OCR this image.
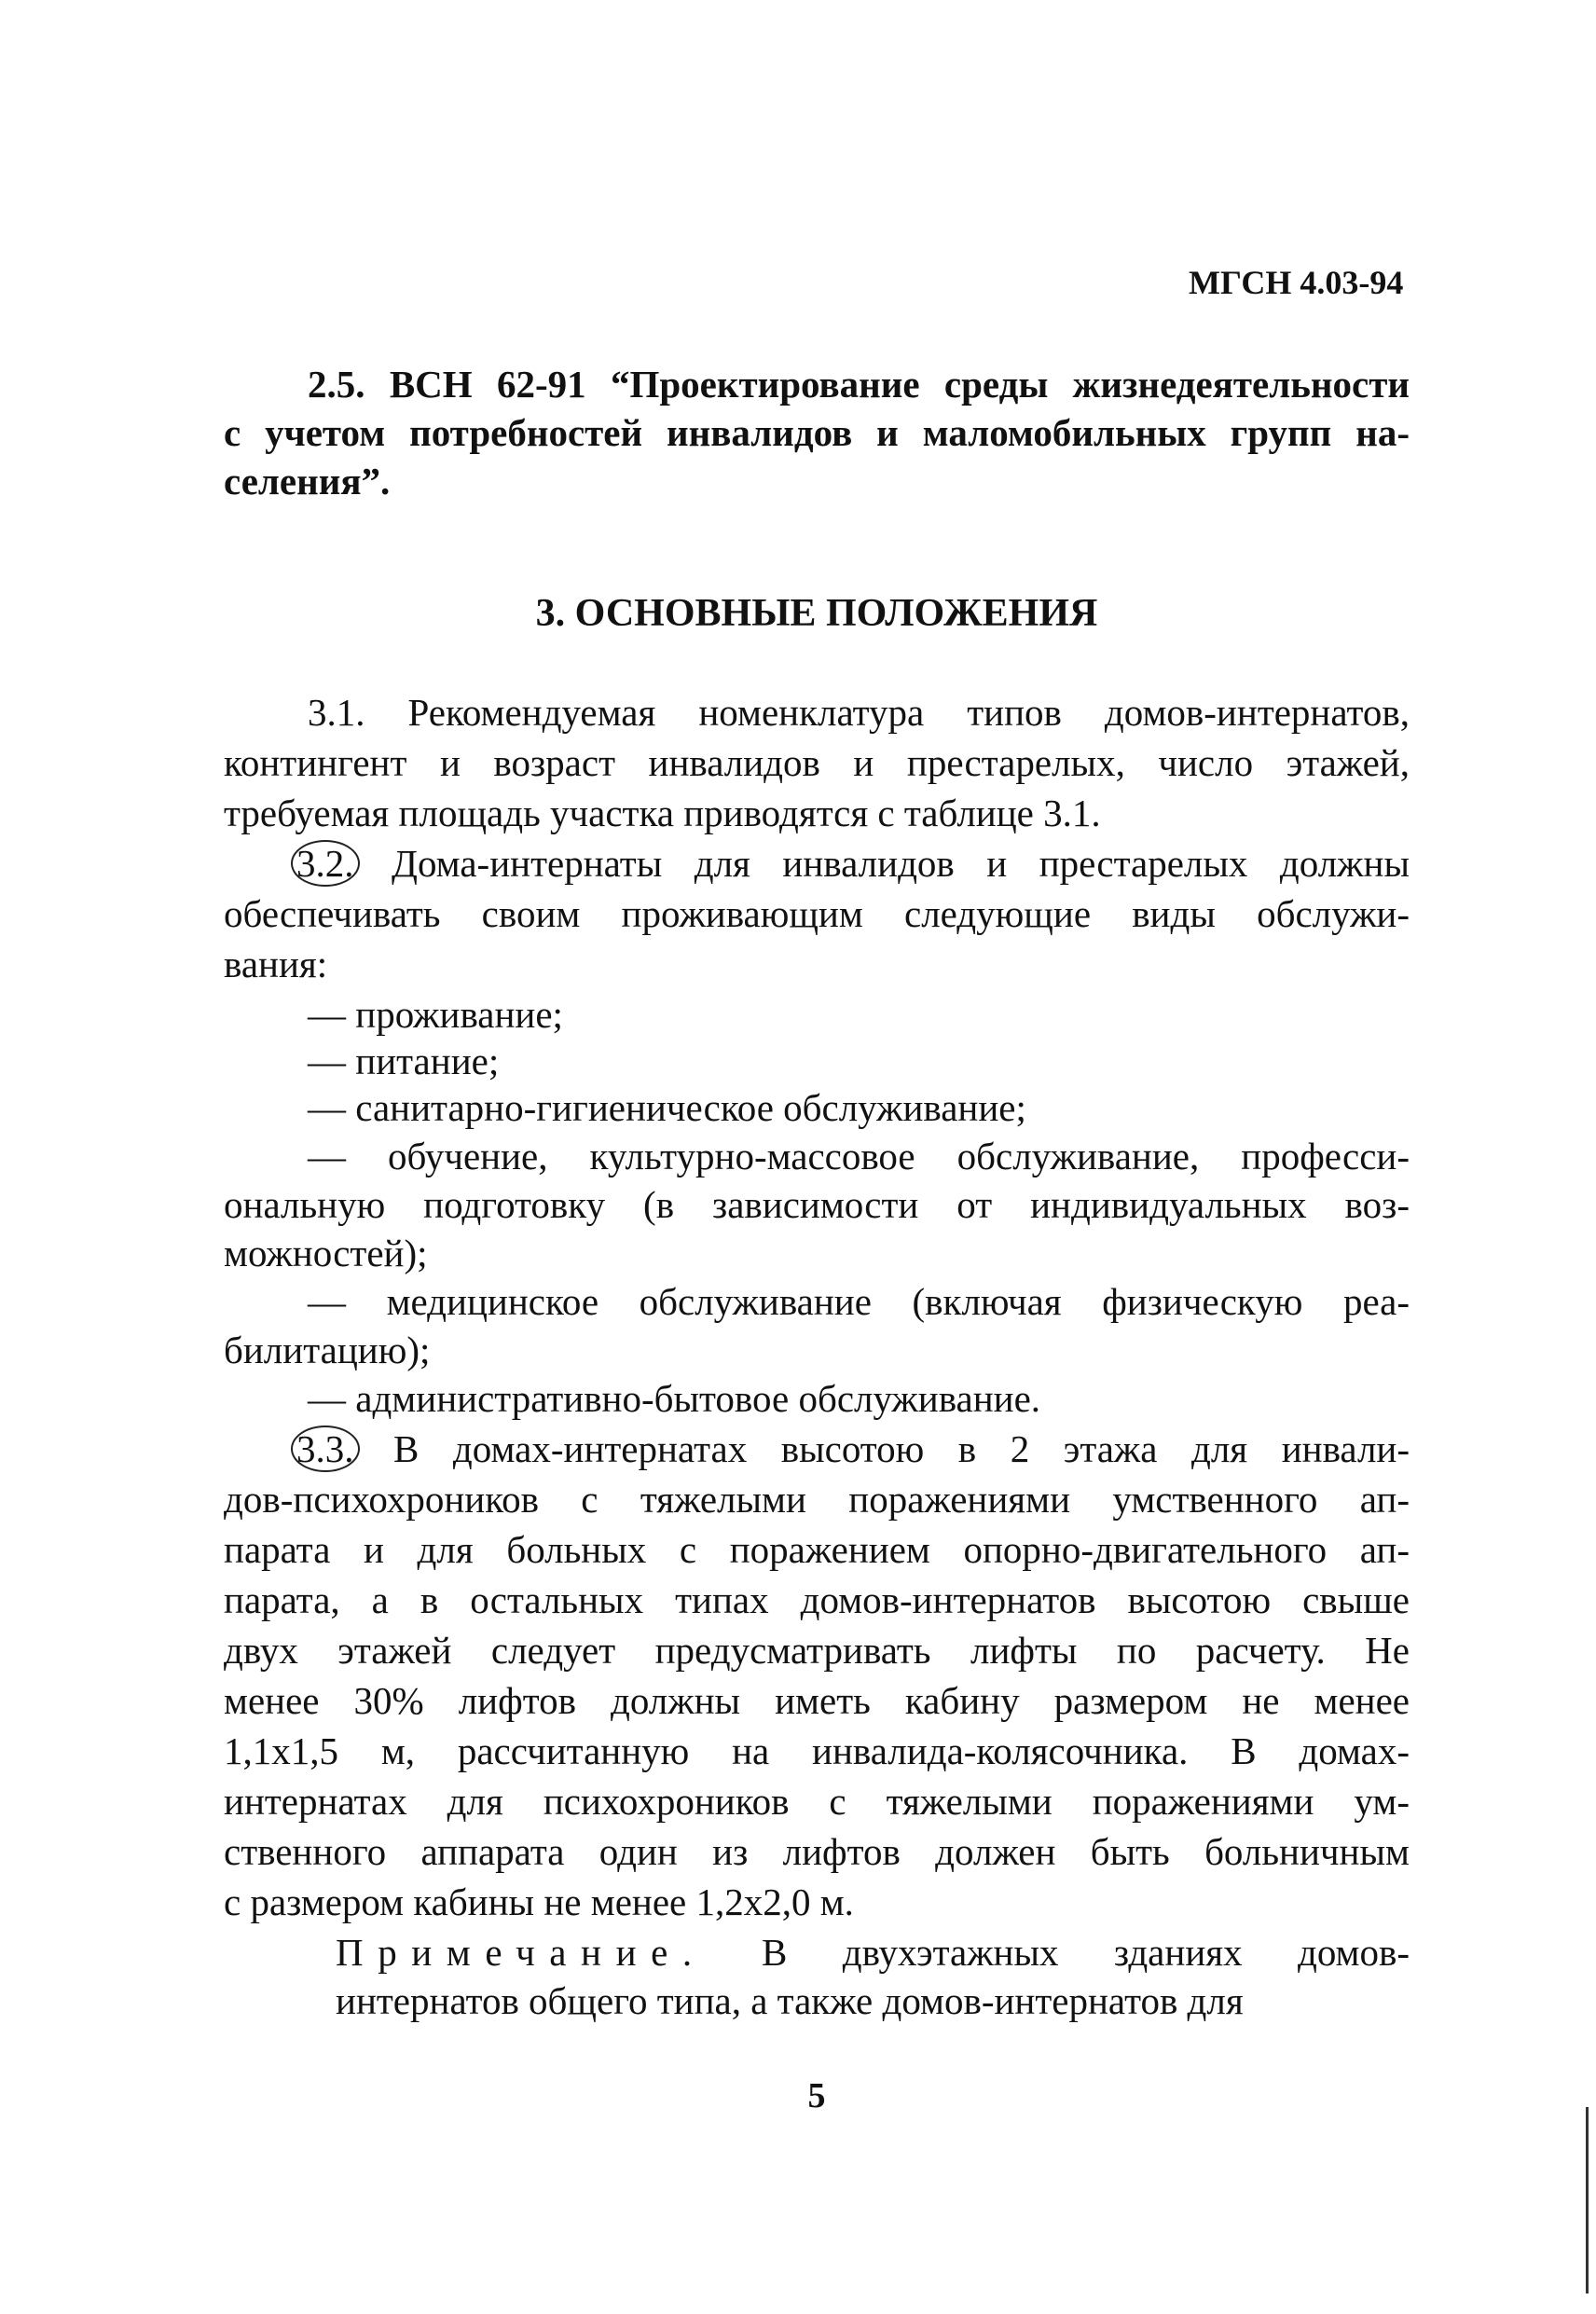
МГСН 4.03-94
2.5. ВСН 62-91 “Проектирование среды жизнедеятельности
с учетом потребностей инвалидов и маломобильных групп на-
селения”.
3. ОСНОВНЫЕ ПОЛОЖЕНИЯ
3.1. Рекомендуемая номенклатура типов домов-интернатов,
контингент и возраст инвалидов и престарелых, число этажей,
требуемая площадь участка приводятся с таблице 3.1.
3.2. Дома-интернаты для инвалидов и престарелых должны
обеспечивать своим проживающим следующие виды обслужи-
вания:
— проживание;
— питание;
— санитарно-гигиеническое обслуживание;
— обучение, культурно-массовое обслуживание, професси-
ональную подготовку (в зависимости от индивидуальных воз-
можностей);
— медицинское обслуживание (включая физическую реа-
билитацию);
— административно-бытовое обслуживание.
3.3. В домах-интернатах высотою в 2 этажа для инвали-
дов-психохроников с тяжелыми поражениями умственного ап-
парата и для больных с поражением опорно-двигательного ап-
парата, а в остальных типах домов-интернатов высотою свыше
двух этажей следует предусматривать лифты по расчету. Не
менее 30% лифтов должны иметь кабину размером не менее
1,1x1,5 м, рассчитанную на инвалида-колясочника. В домах-
интернатах для психохроников с тяжелыми поражениями ум-
ственного аппарата один из лифтов должен быть больничным
с размером кабины не менее 1,2x2,0 м.
Примечание. В двухэтажных зданиях домов-
интернатов общего типа, а также домов-интернатов для
5
